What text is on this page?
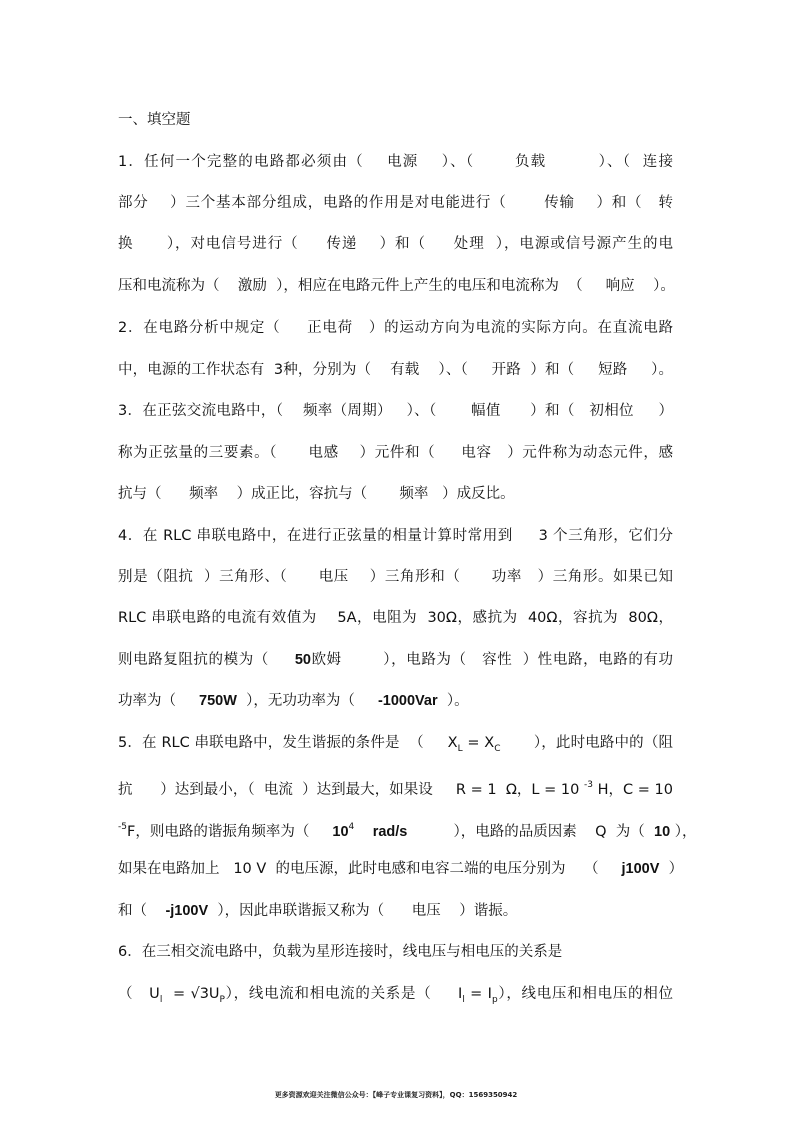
一、填空题
1．任何一个完整的电路都必须由（    电源    ）、（       负载         ）、（  连接
部分    ）三个基本部分组成，电路的作用是对电能进行（       传输    ）和（   转
换      ），对电信号进行（     传递    ）和（     处理  ），电源或信号源产生的电
压和电流称为（    激励  ），相应在电路元件上产生的电压和电流称为  （     响应    ）。
2．在电路分析中规定（     正电荷   ）的运动方向为电流的实际方向。在直流电路
中，电源的工作状态有  3种，分别为（    有载    ）、（     开路  ）和（     短路     ）。
3．在正弦交流电路中，（    频率（周期）   ）、（       幅值      ）和（   初相位     ）
称为正弦量的三要素。（      电感    ）元件和（     电容   ）元件称为动态元件，感
抗与（      频率    ）成正比，容抗与（       频率   ）成反比。
4．在 RLC 串联电路中，在进行正弦量的相量计算时常用到     3 个三角形，它们分
别是（阻抗  ）三角形、（      电压    ）三角形和（      功率   ）三角形。如果已知
RLC 串联电路的电流有效值为    5A，电阻为  30Ω，感抗为  40Ω，容抗为  80Ω，
则电路复阻抗的模为（     50欧姆        ），电路为（   容性  ）性电路，电路的有功
功率为（     750W  ），无功功率为（     -1000Var  ）。
5．在 RLC 串联电路中，发生谐振的条件是  （     $X_L = X_C$       ），此时电路中的（阻
抗      ）达到最小，（  电流  ）达到最大，如果设     R = 1  Ω，L = 10 $^{-3}$ H，C = 10
$^{-5}$F，则电路的谐振角频率为（     $10^4$ rad/s          ），电路的品质因素    Q  为（  10 ），
如果在电路加上   10 V  的电压源，此时电感和电容二端的电压分别为    （     j100V  ）
和（    -j100V  ），因此串联谐振又称为（      电压    ）谐振。
6．在三相交流电路中，负载为星形连接时，线电压与相电压的关系是
（   $U_l = √3U_P$），线电流和相电流的关系是（     $I_l = I_p$），线电压和相电压的相位
更多资源欢迎关注微信公众号：【峰子专业课复习资料】，QQ：1569350942
